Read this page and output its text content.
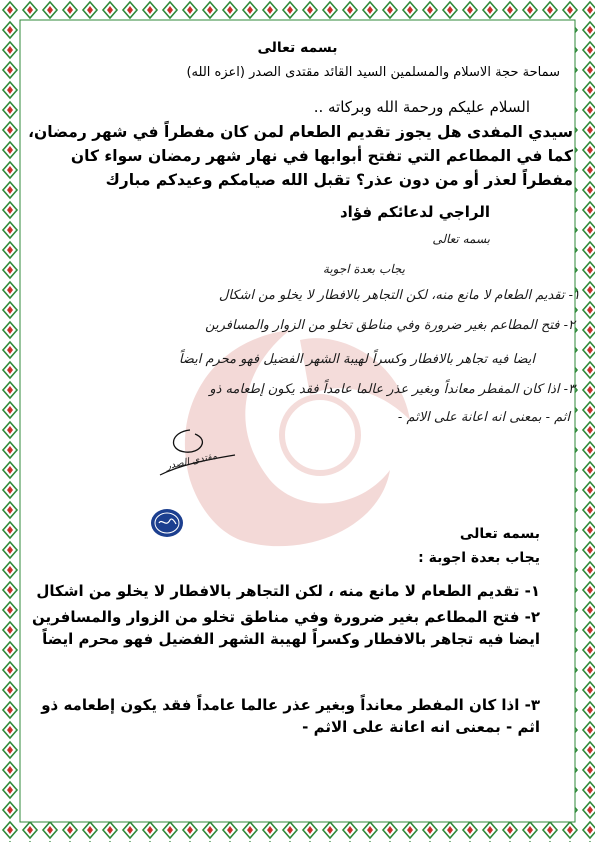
بسمه تعالى
سماحة حجة الاسلام والمسلمين السيد القائد مقتدى الصدر (اعزه الله)
السلام عليكم ورحمة الله وبركاته ..
سيدي المفدى هل يجوز تقديم الطعام لمن كان مفطراً في شهر رمضان، كما في المطاعم التي تفتح أبوابها في نهار شهر رمضان سواء كان مفطراً لعذر أو من دون عذر؟ تقبل الله صيامكم وعيدكم مبارك
الراجي لدعائكم فؤاد
بسمه تعالى
يجاب بعدة اجوبة
١- تقديم الطعام لا مانع منه، لكن التجاهر بالافطار لا يخلو من اشكال
٢- فتح المطاعم بغير ضرورة وفي مناطق تخلو من الزوار والمسافرين
ايضا فيه تجاهر بالافطار وكسراً لهيبة الشهر الفضيل فهو محرم ايضاً
٣- اذا كان المفطر معانداً وبغير عذر عالما عامداً فقد يكون إطعامه ذو
اثم - بمعنى انه اعانة على الاثم -
مقتدى الصدر
بسمه تعالى
يجاب بعدة اجوبة :
١- تقديم الطعام لا مانع منه ، لكن التجاهر بالافطار لا يخلو من اشكال
٢- فتح المطاعم بغير ضرورة وفي مناطق تخلو من الزوار والمسافرين ايضا فيه تجاهر بالافطار وكسراً لهيبة الشهر الفضيل فهو محرم ايضاً
٣- اذا كان المفطر معانداً وبغير عذر عالما عامداً فقد يكون إطعامه ذو اثم - بمعنى انه اعانة على الاثم -
